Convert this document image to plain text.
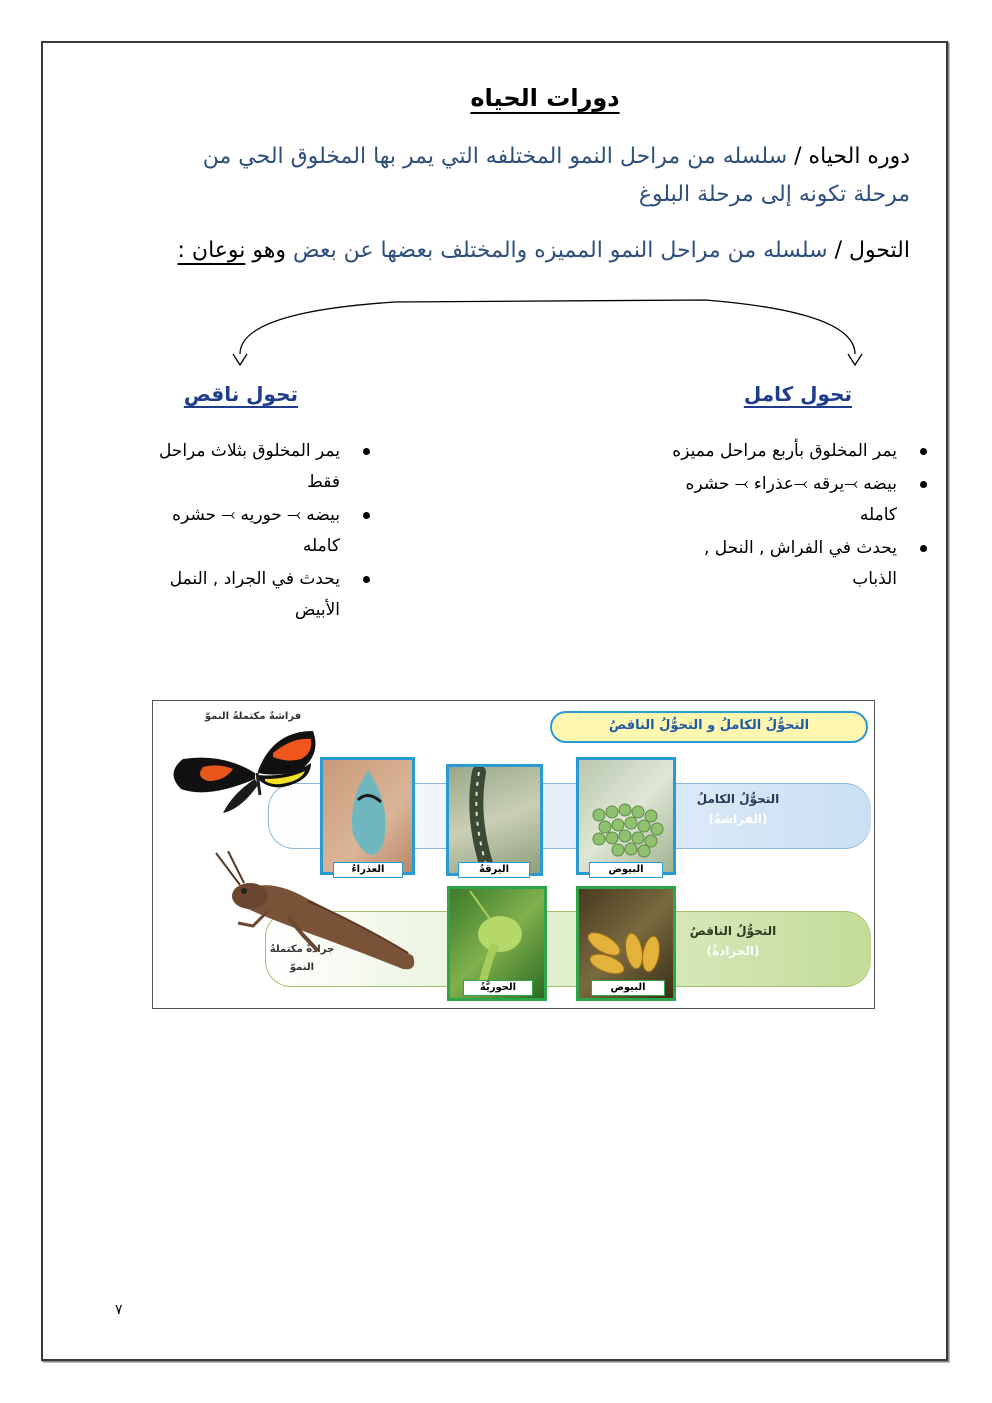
دورات الحياه
دوره الحياه / سلسله من مراحل النمو المختلفه التي يمر بها المخلوق الحي من مرحلة تكونه إلى مرحلة البلوغ
التحول / سلسله من مراحل النمو المميزه والمختلف بعضها عن بعض وهو نوعان :
تحول كامل
تحول ناقص
يمر المخلوق بأربع مراحل مميزه
بيضه ⤙يرقه ⤙عذراء ⤙ حشره كامله
يحدث في الفراش , النحل , الذباب
يمر المخلوق بثلاث مراحل فقط
بيضه ⤙ حوريه ⤙ حشره كامله
يحدث في الجراد , النمل الأبيض
التحوُّلُ الكاملُ و التحوُّلُ الناقصُ
التحوُّلُ الكاملُ
(الفراشةُ)
التحوُّلُ الناقصُ
(الجرادةُ)
فراشةٌ مكتملةُ النموّ
جرادةٌ مكتملةُ النموّ
العذراءُ	اليرقةُ	البيوض
الحوريَّةُ	البيوض
٧
